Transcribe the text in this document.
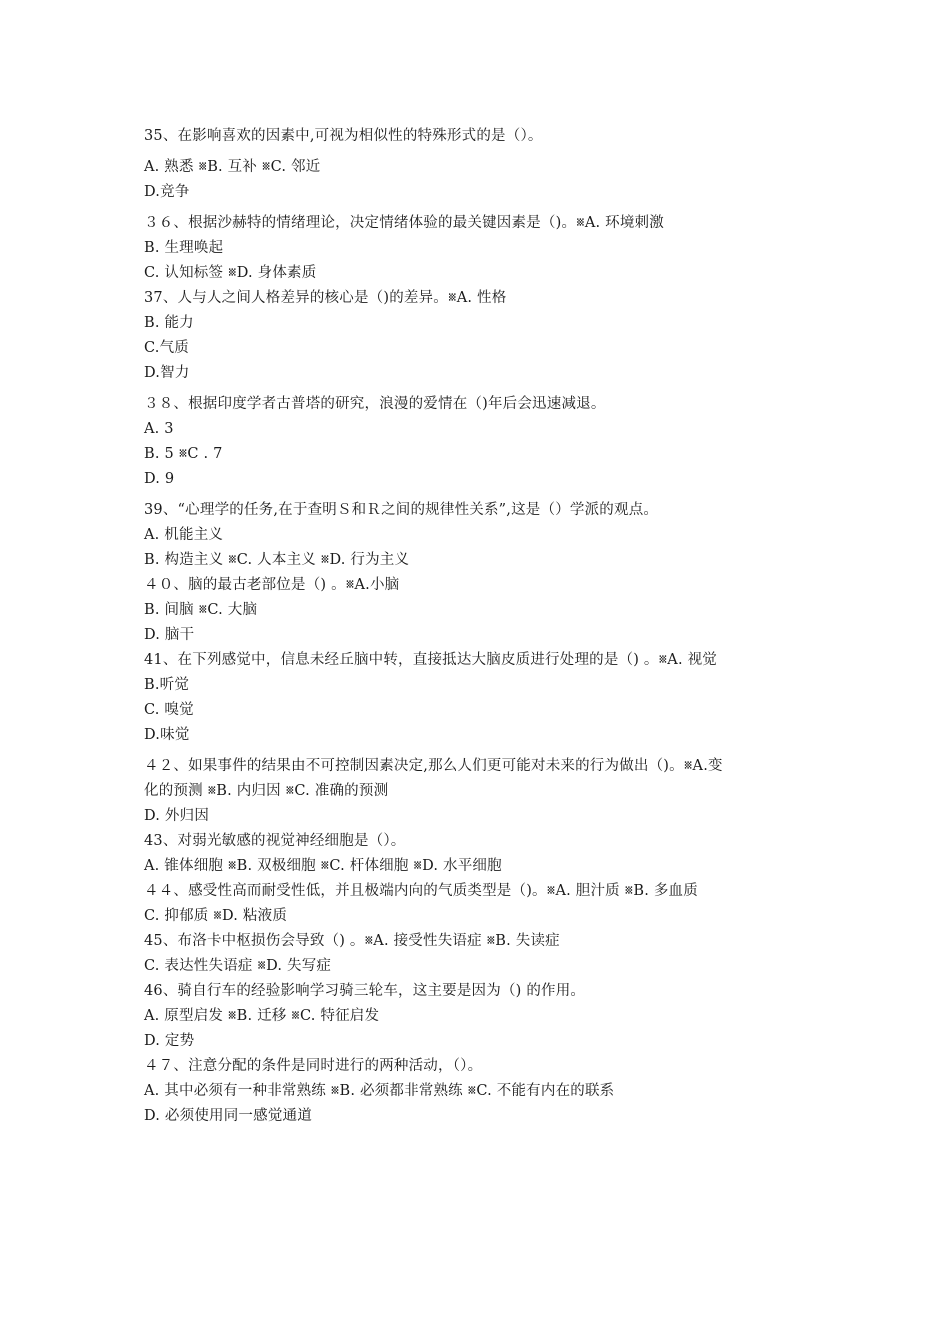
35、在影响喜欢的因素中,可视为相似性的特殊形式的是（）。
A. 熟悉 ␧B. 互补 ␧C. 邻近
D.竞争
３６、根据沙赫特的情绪理论，决定情绪体验的最关键因素是（)。␧A. 环境刺激
B. 生理唤起
C. 认知标签 ␧D. 身体素质
37、人与人之间人格差异的核心是（)的差异。␧A. 性格
B. 能力
C.气质
D.智力
３８、根据印度学者古普塔的研究，浪漫的爱情在（)年后会迅速减退。
A. 3
B. 5 ␧C . 7
D. 9
39、“心理学的任务,在于查明Ｓ和Ｒ之间的规律性关系”,这是（）学派的观点。
A. 机能主义
B. 构造主义 ␧C. 人本主义 ␧D. 行为主义
４０、脑的最古老部位是（) 。␧A.小脑
B. 间脑 ␧C. 大脑
D. 脑干
41、在下列感觉中，信息未经丘脑中转，直接抵达大脑皮质进行处理的是（) 。␧A. 视觉
B.听觉
C. 嗅觉
D.味觉
４２、如果事件的结果由不可控制因素决定,那么人们更可能对未来的行为做出（)。␧A.变
化的预测 ␧B. 内归因 ␧C. 准确的预测
D. 外归因
43、对弱光敏感的视觉神经细胞是（）。
A. 锥体细胞 ␧B. 双极细胞 ␧C. 杆体细胞 ␧D. 水平细胞
４４、感受性高而耐受性低，并且极端内向的气质类型是（)。␧A. 胆汁质 ␧B. 多血质
C. 抑郁质 ␧D. 粘液质
45、布洛卡中枢损伤会导致（) 。␧A. 接受性失语症 ␧B. 失读症
C. 表达性失语症 ␧D. 失写症
46、骑自行车的经验影响学习骑三轮车，这主要是因为（) 的作用。
A. 原型启发 ␧B. 迁移 ␧C. 特征启发
D. 定势
４７、注意分配的条件是同时进行的两种活动，（）。
A. 其中必须有一种非常熟练 ␧B. 必须都非常熟练 ␧C. 不能有内在的联系
D. 必须使用同一感觉通道
